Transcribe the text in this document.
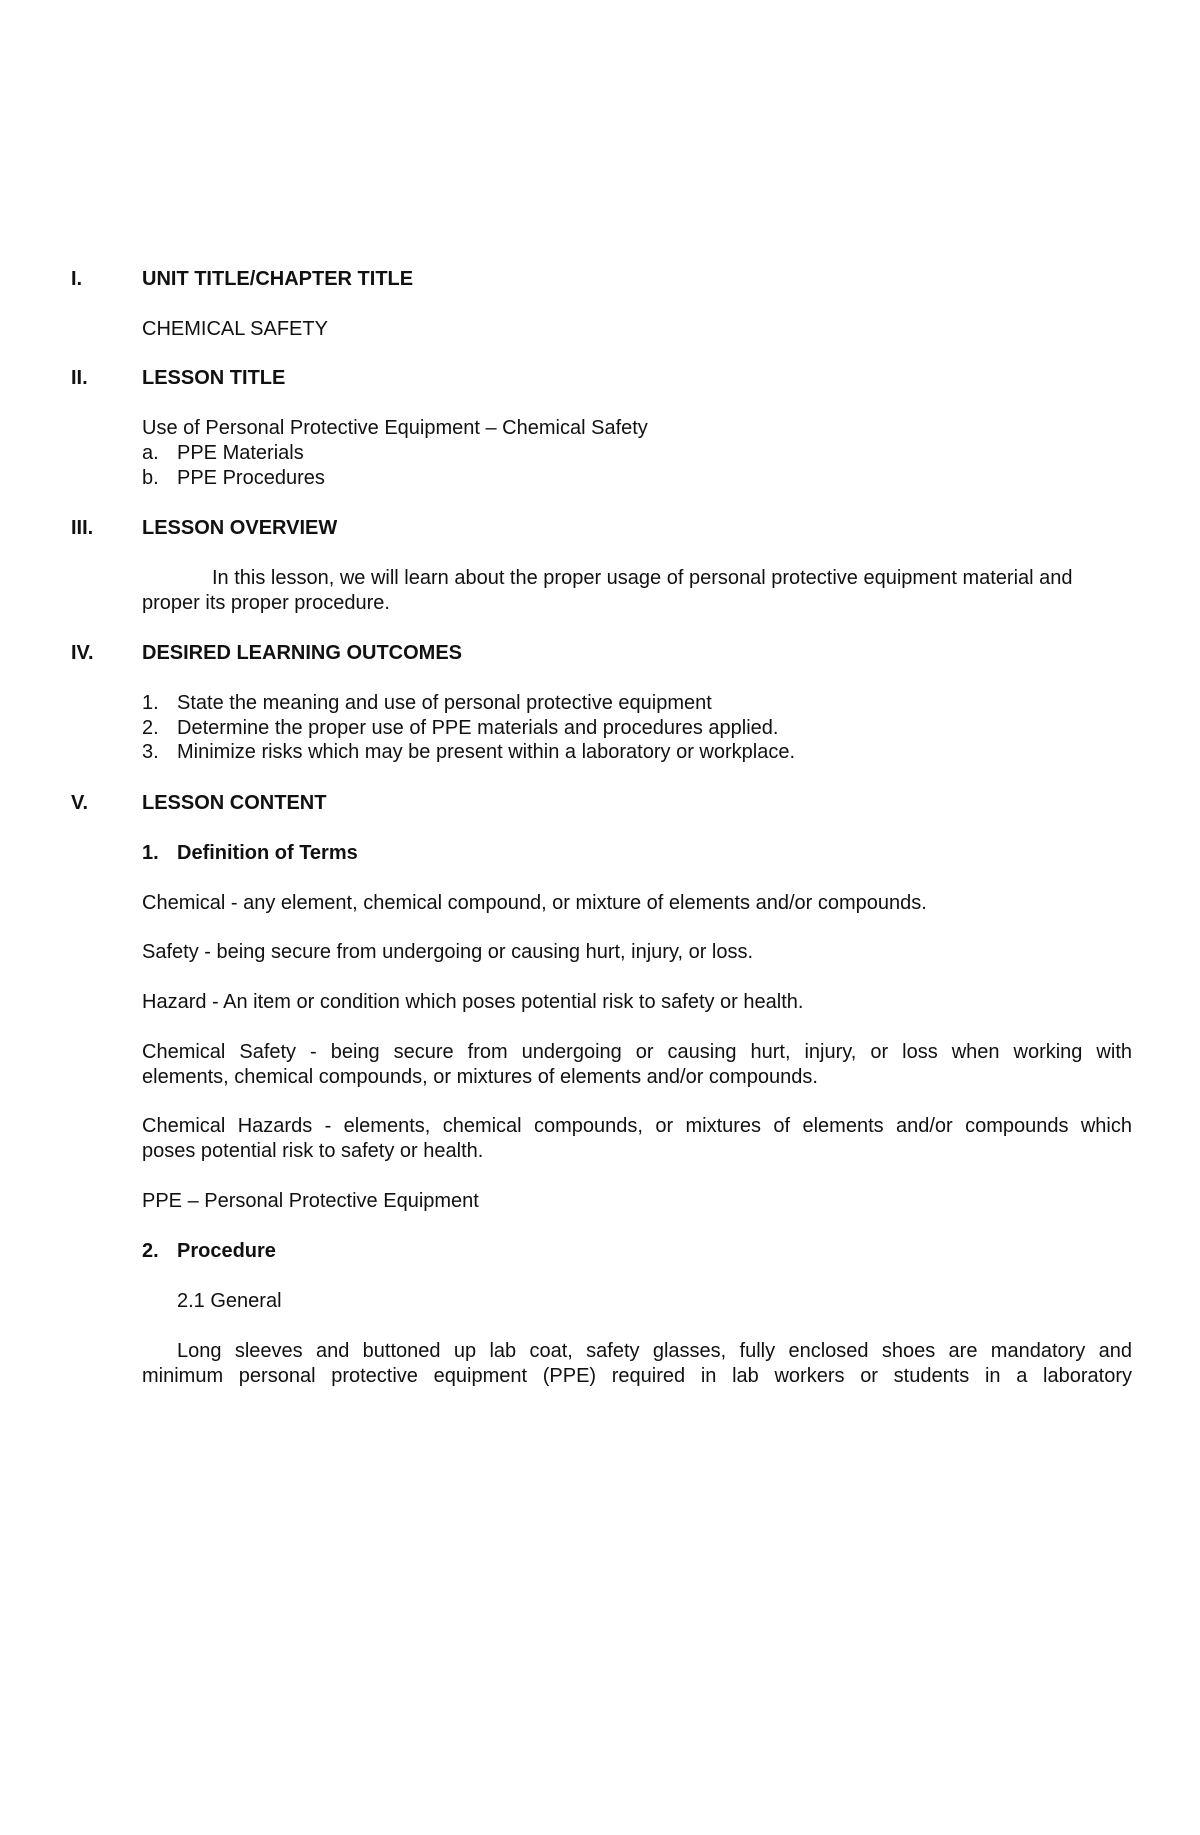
I.	UNIT TITLE/CHAPTER TITLE
CHEMICAL SAFETY
II.	LESSON TITLE
Use of Personal Protective Equipment – Chemical Safety
a. PPE Materials
b. PPE Procedures
III. LESSON OVERVIEW
In this lesson, we will learn about the proper usage of personal protective equipment material and
proper its proper procedure.
IV. DESIRED LEARNING OUTCOMES
1. State the meaning and use of personal protective equipment
2. Determine the proper use of PPE materials and procedures applied.
3. Minimize risks which may be present within a laboratory or workplace.
V.	LESSON CONTENT
1. Definition of Terms
Chemical - any element, chemical compound, or mixture of elements and/or compounds.
Safety - being secure from undergoing or causing hurt, injury, or loss.
Hazard - An item or condition which poses potential risk to safety or health.
Chemical Safety - being secure from undergoing or causing hurt, injury, or loss when working with
elements, chemical compounds, or mixtures of elements and/or compounds.
Chemical Hazards - elements, chemical compounds, or mixtures of elements and/or compounds which
poses potential risk to safety or health.
PPE – Personal Protective Equipment
2. Procedure
2.1 General
Long sleeves and buttoned up lab coat, safety glasses, fully enclosed shoes are mandatory and
minimum personal protective equipment (PPE) required in lab workers or students in a laboratory
